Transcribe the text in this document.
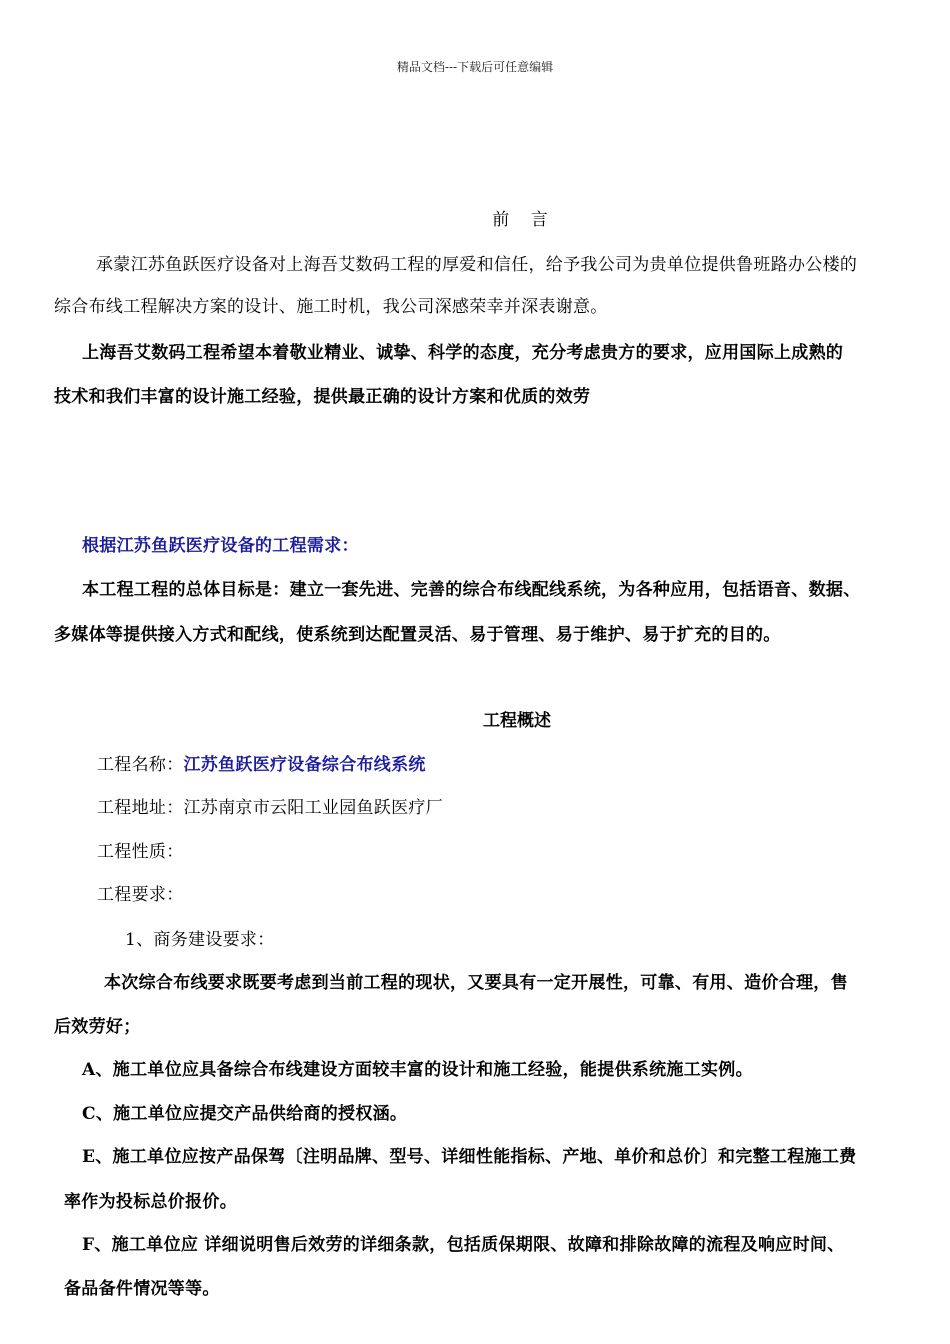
精品文档---下载后可任意编辑
前    言
承蒙江苏鱼跃医疗设备对上海吾艾数码工程的厚爱和信任，给予我公司为贵单位提供鲁班路办公楼的
综合布线工程解决方案的设计、施工时机，我公司深感荣幸并深表谢意。
上海吾艾数码工程希望本着敬业精业、诚挚、科学的态度，充分考虑贵方的要求，应用国际上成熟的
技术和我们丰富的设计施工经验，提供最正确的设计方案和优质的效劳
根据江苏鱼跃医疗设备的工程需求：
本工程工程的总体目标是：建立一套先进、完善的综合布线配线系统，为各种应用，包括语音、数据、
多媒体等提供接入方式和配线，使系统到达配置灵活、易于管理、易于维护、易于扩充的目的。
工程概述
工程名称：江苏鱼跃医疗设备综合布线系统
工程地址：江苏南京市云阳工业园鱼跃医疗厂
工程性质：
工程要求：
1、商务建设要求：
本次综合布线要求既要考虑到当前工程的现状，又要具有一定开展性，可靠、有用、造价合理，售
后效劳好；
A、施工单位应具备综合布线建设方面较丰富的设计和施工经验，能提供系统施工实例。
C、施工单位应提交产品供给商的授权涵。
E、施工单位应按产品保驾〔注明品牌、型号、详细性能指标、产地、单价和总价〕和完整工程施工费
率作为投标总价报价。
F、施工单位应 详细说明售后效劳的详细条款，包括质保期限、故障和排除故障的流程及响应时间、
备品备件情况等等。
